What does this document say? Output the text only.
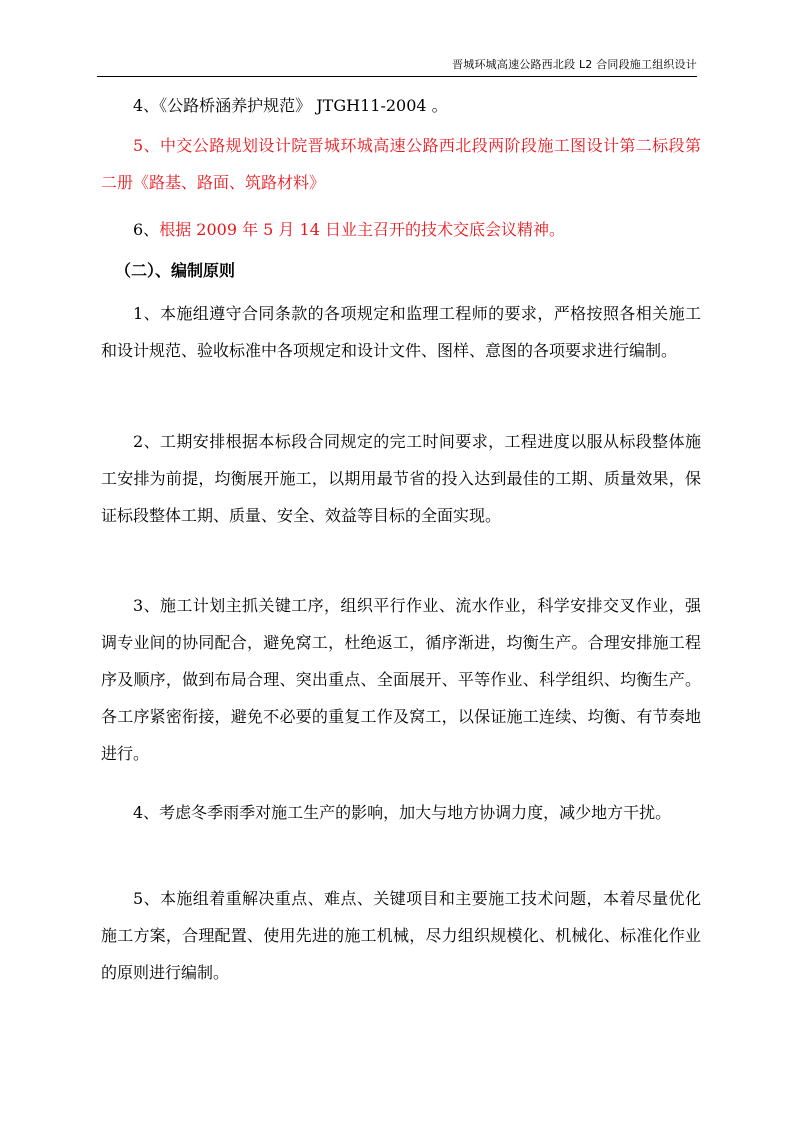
晋城环城高速公路西北段 L2 合同段施工组织设计

4、《公路桥涵养护规范》 JTGH11-2004 。

5、中交公路规划设计院晋城环城高速公路西北段两阶段施工图设计第二标段第二册《路基、路面、筑路材料》

6、根据 2009 年 5 月 14 日业主召开的技术交底会议精神。

（二）、编制原则

1、本施组遵守合同条款的各项规定和监理工程师的要求，严格按照各相关施工和设计规范、验收标准中各项规定和设计文件、图样、意图的各项要求进行编制。

2、工期安排根据本标段合同规定的完工时间要求，工程进度以服从标段整体施工安排为前提，均衡展开施工，以期用最节省的投入达到最佳的工期、质量效果，保证标段整体工期、质量、安全、效益等目标的全面实现。

3、施工计划主抓关键工序，组织平行作业、流水作业，科学安排交叉作业，强调专业间的协同配合，避免窝工，杜绝返工，循序渐进，均衡生产。合理安排施工程序及顺序，做到布局合理、突出重点、全面展开、平等作业、科学组织、均衡生产。各工序紧密衔接，避免不必要的重复工作及窝工，以保证施工连续、均衡、有节奏地进行。

4、考虑冬季雨季对施工生产的影响，加大与地方协调力度，减少地方干扰。

5、本施组着重解决重点、难点、关键项目和主要施工技术问题，本着尽量优化施工方案，合理配置、使用先进的施工机械，尽力组织规模化、机械化、标准化作业的原则进行编制。
